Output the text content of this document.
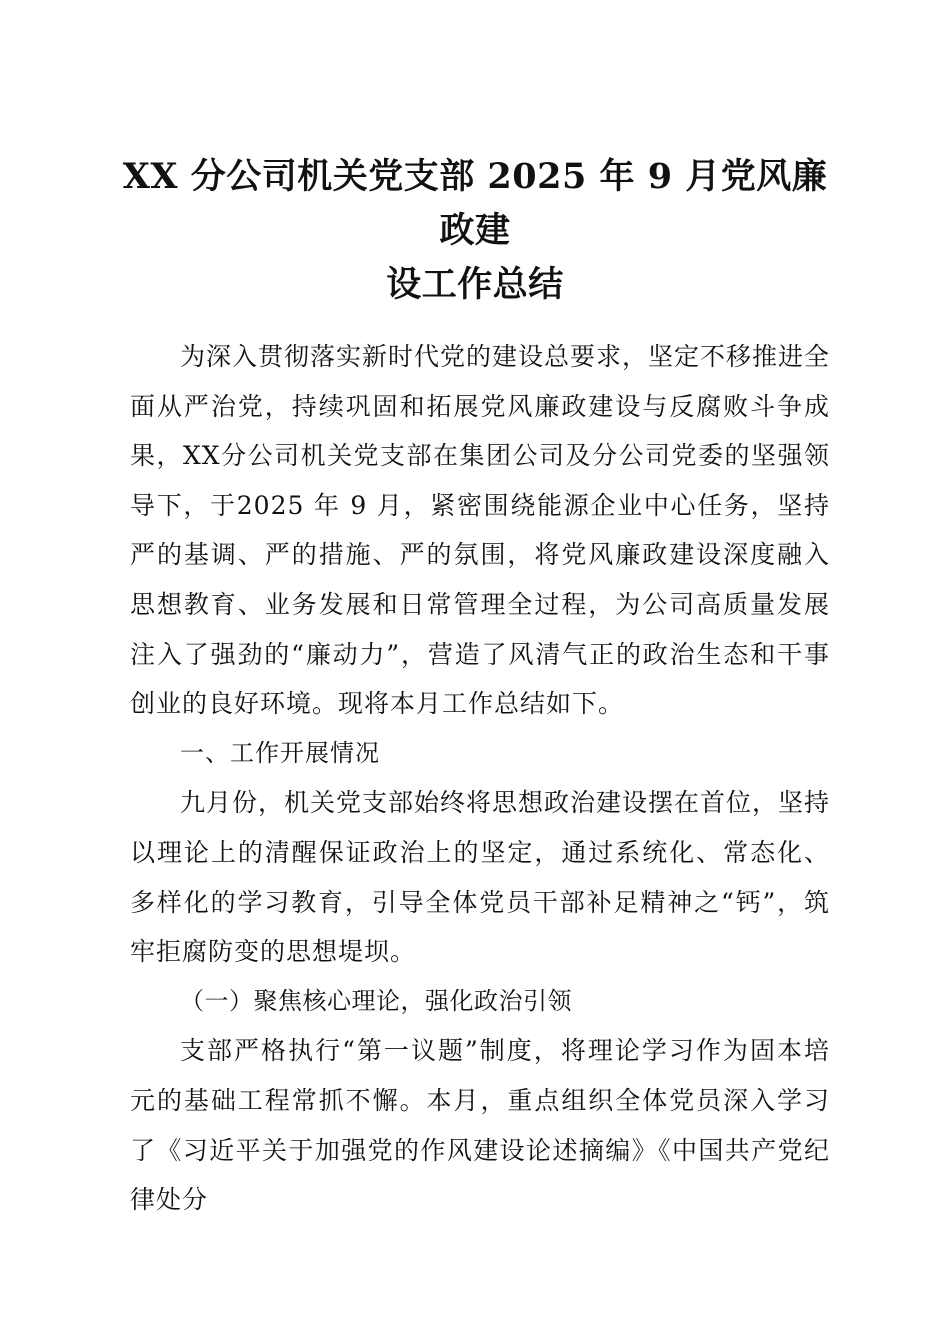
XX 分公司机关党支部 2025 年 9 月党风廉政建
设工作总结

为深入贯彻落实新时代党的建设总要求，坚定不移推进全面从严治党，持续巩固和拓展党风廉政建设与反腐败斗争成果，XX分公司机关党支部在集团公司及分公司党委的坚强领导下，于2025 年 9 月，紧密围绕能源企业中心任务，坚持严的基调、严的措施、严的氛围，将党风廉政建设深度融入思想教育、业务发展和日常管理全过程，为公司高质量发展注入了强劲的“廉动力”，营造了风清气正的政治生态和干事创业的良好环境。现将本月工作总结如下。

一、工作开展情况

九月份，机关党支部始终将思想政治建设摆在首位，坚持以理论上的清醒保证政治上的坚定，通过系统化、常态化、多样化的学习教育，引导全体党员干部补足精神之“钙”，筑牢拒腐防变的思想堤坝。

（一）聚焦核心理论，强化政治引领

支部严格执行“第一议题”制度，将理论学习作为固本培元的基础工程常抓不懈。本月，重点组织全体党员深入学习了《习近平关于加强党的作风建设论述摘编》《中国共产党纪律处分
